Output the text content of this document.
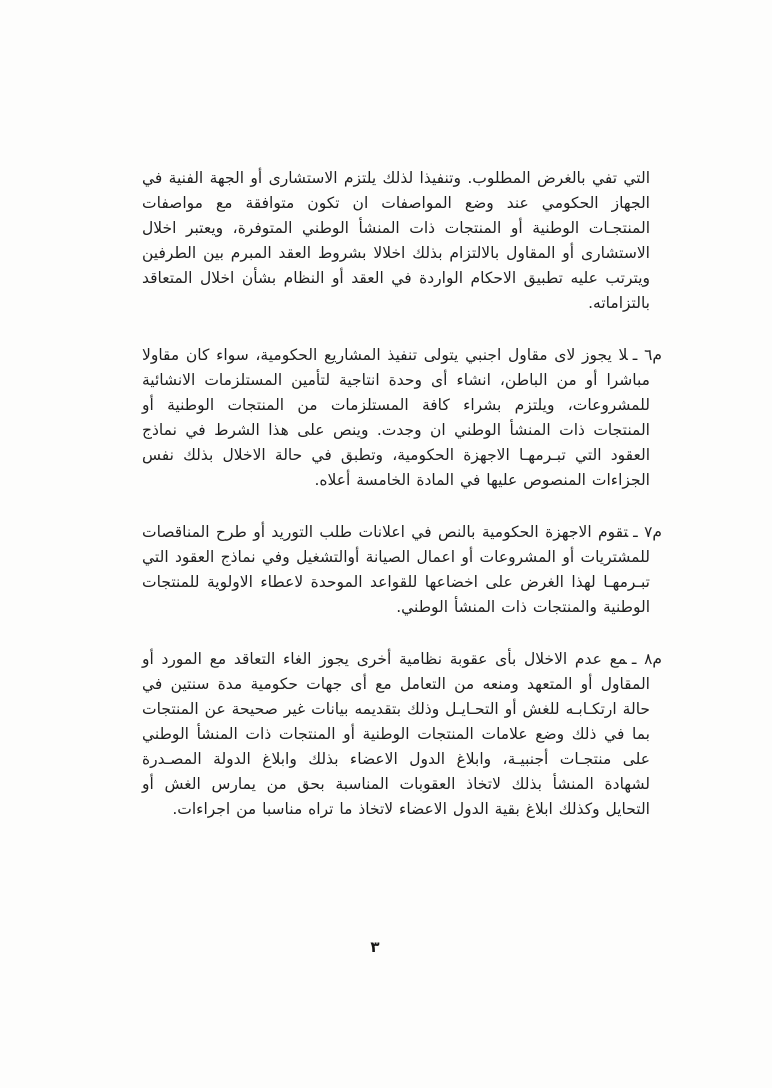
التي تفي بالغرض المطلوب. وتنفيذا لذلك يلتزم الاستشارى أو الجهة الفنية في الجهاز الحكومي عند وضع المواصفات ان تكون متوافقة مع مواصفات المنتجـات الوطنية أو المنتجات ذات المنشأ الوطني المتوفرة، ويعتبر اخلال الاستشارى أو المقاول بالالتزام بذلك اخلالا بشروط العقد المبرم بين الطرفين ويترتب عليه تطبيق الاحكام الواردة في العقد أو النظام بشأن اخلال المتعاقد بالتزاماته.

م٦ ـلا يجوز لاى مقاول اجنبي يتولى تنفيذ المشاريع الحكومية، سواء كان مقاولا مباشرا أو من الباطن، انشاء أى وحدة انتاجية لتأمين المستلزمات الانشائية للمشروعات، ويلتزم بشراء كافة المستلزمات من المنتجات الوطنية أو المنتجات ذات المنشأ الوطني ان وجدت. وينص على هذا الشرط في نماذج العقود التي تبـرمهـا الاجهزة الحكومية، وتطبق في حالة الاخلال بذلك نفس الجزاءات المنصوص عليها في المادة الخامسة أعلاه.

م٧ ـتقوم الاجهزة الحكومية بالنص في اعلانات طلب التوريد أو طرح المناقصات للمشتريات أو المشروعات أو اعمال الصيانة أوالتشغيل وفي نماذج العقود التي تبـرمهـا لهذا الغرض على اخضاعها للقواعد الموحدة لاعطاء الاولوية للمنتجات الوطنية والمنتجات ذات المنشأ الوطني.

م٨ ـمع عدم الاخلال بأى عقوبة نظامية أخرى يجوز الغاء التعاقد مع المورد أو المقاول أو المتعهد ومنعه من التعامل مع أى جهات حكومية مدة سنتين في حالة ارتكـابـه للغش أو التحـايـل وذلك بتقديمه بيانات غير صحيحة عن المنتجات بما في ذلك وضع علامات المنتجات الوطنية أو المنتجات ذات المنشأ الوطني على منتجـات أجنبيـة، وابلاغ الدول الاعضاء بذلك وابلاغ الدولة المصـدرة لشهادة المنشأ بذلك لاتخاذ العقوبات المناسبة بحق من يمارس الغش أو التحايل وكذلك ابلاغ بقية الدول الاعضاء لاتخاذ ما تراه مناسبا من اجراءات.

٣
